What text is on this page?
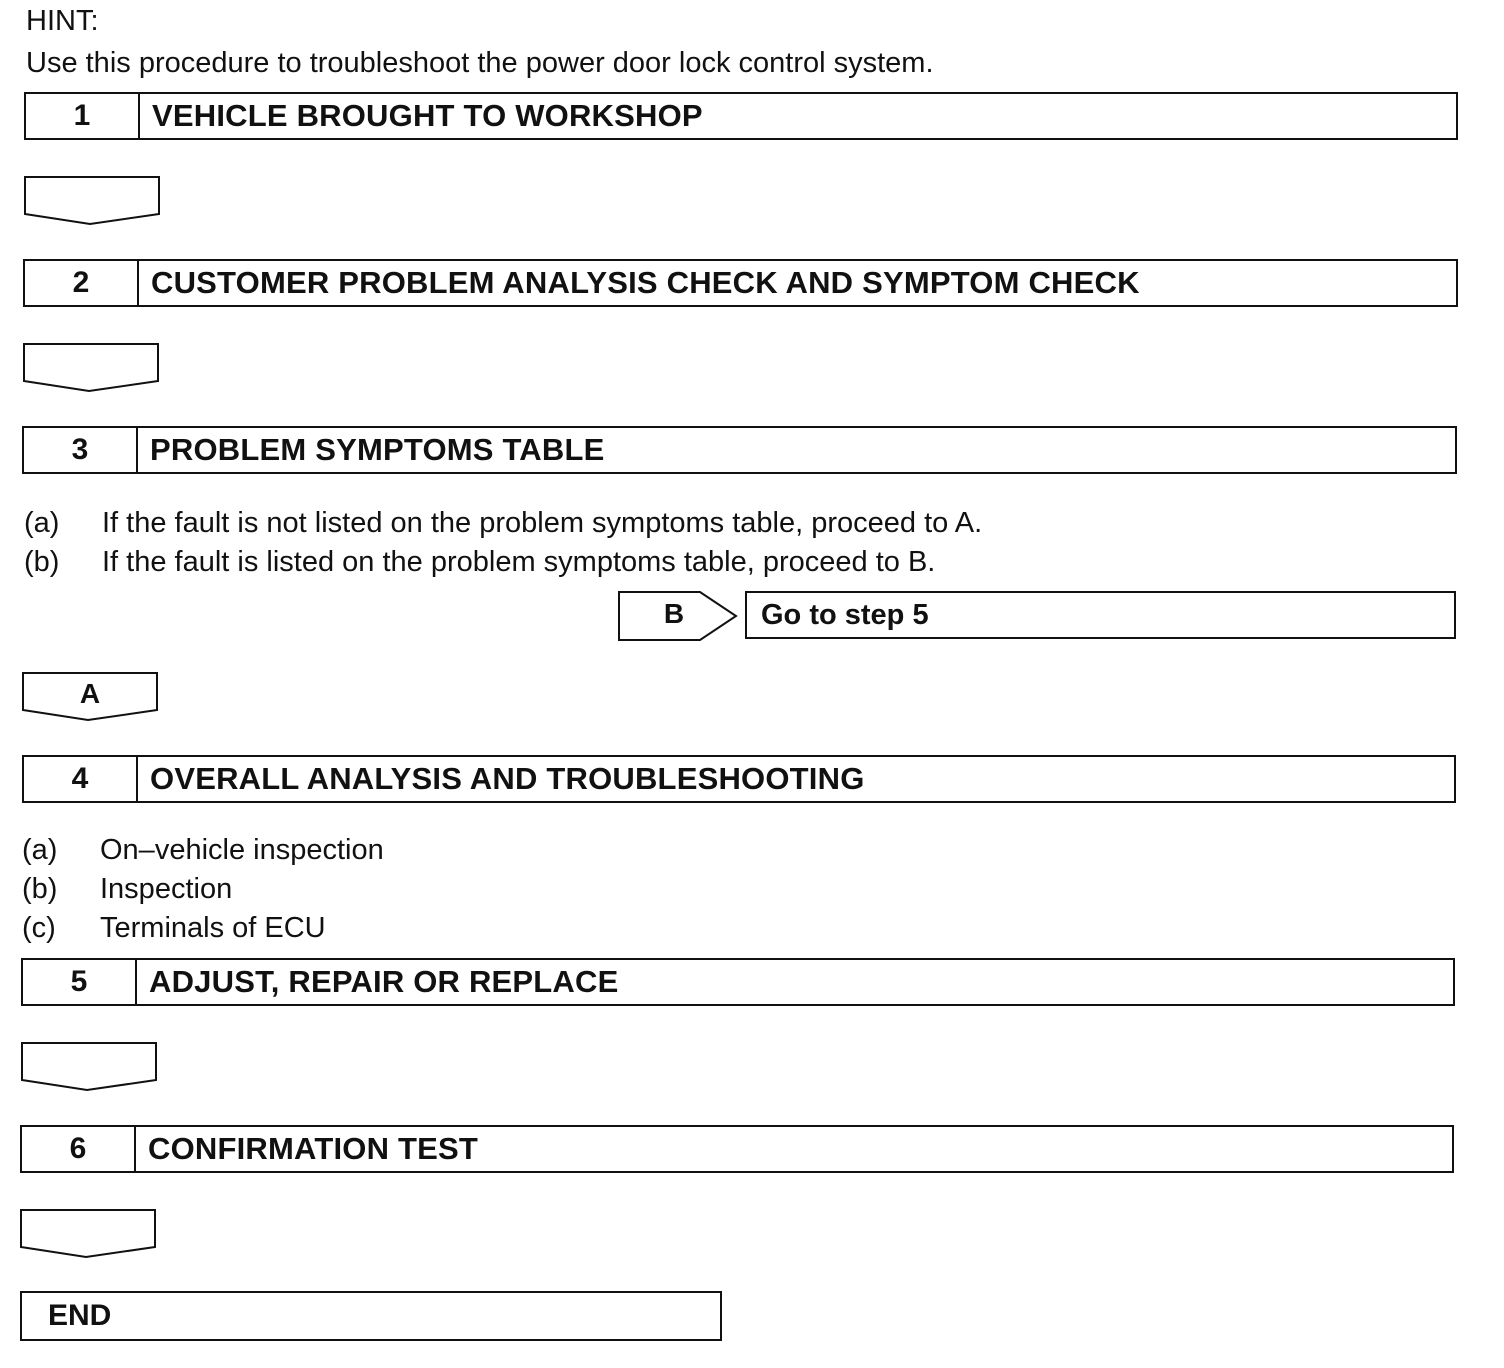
HINT:
Use this procedure to troubleshoot the power door lock control system.
1	VEHICLE BROUGHT TO WORKSHOP
2	CUSTOMER PROBLEM ANALYSIS CHECK AND SYMPTOM CHECK
3	PROBLEM SYMPTOMS TABLE
(a) If the fault is not listed on the problem symptoms table, proceed to A.
(b) If the fault is listed on the problem symptoms table, proceed to B.
B	Go to step 5
A
4	OVERALL ANALYSIS AND TROUBLESHOOTING
(a) On–vehicle inspection
(b) Inspection
(c) Terminals of ECU
5	ADJUST, REPAIR OR REPLACE
6	CONFIRMATION TEST
END
